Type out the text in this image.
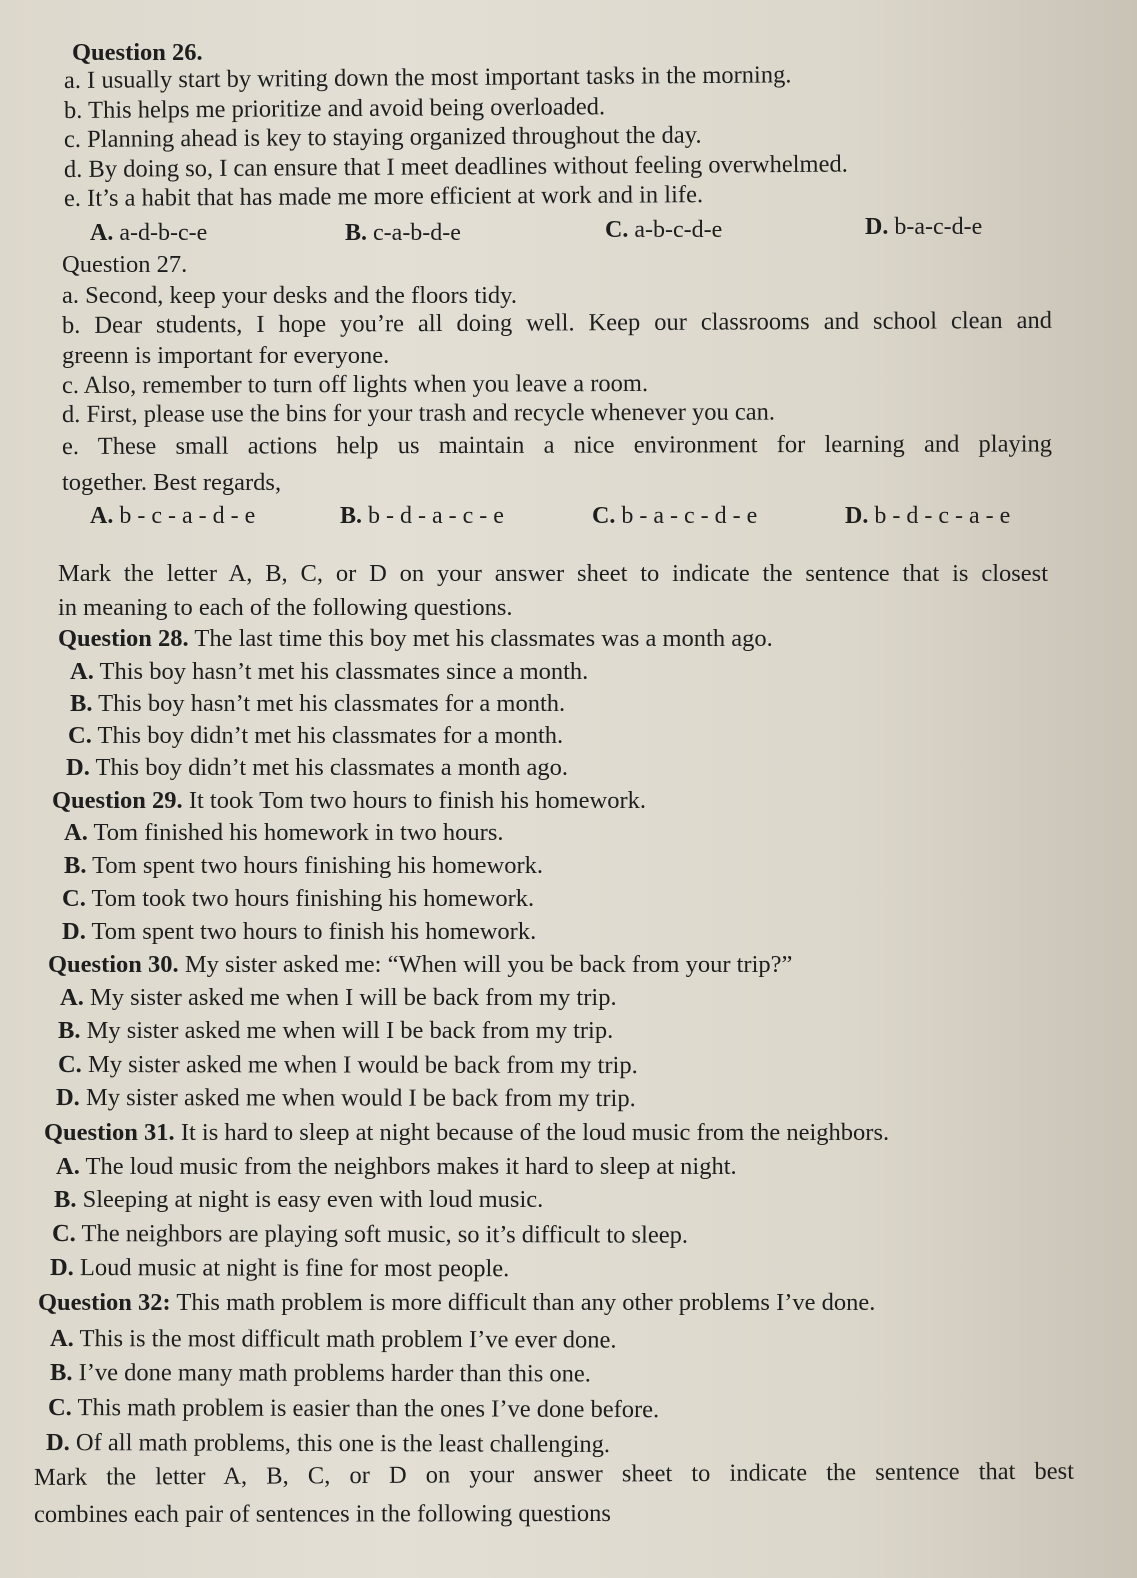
Question 26.
a. I usually start by writing down the most important tasks in the morning.
b. This helps me prioritize and avoid being overloaded.
c. Planning ahead is key to staying organized throughout the day.
d. By doing so, I can ensure that I meet deadlines without feeling overwhelmed.
e. It’s a habit that has made me more efficient at work and in life.
A. a-d-b-c-e	B. c-a-b-d-e	C. a-b-c-d-e	D. b-a-c-d-e
Question 27.
a. Second, keep your desks and the floors tidy.
b. Dear students, I hope you’re all doing well. Keep our classrooms and school clean and
greenn is important for everyone.
c. Also, remember to turn off lights when you leave a room.
d. First, please use the bins for your trash and recycle whenever you can.
e. These small actions help us maintain a nice environment for learning and playing
together. Best regards,
A. b - c - a - d - e	B. b - d - a - c - e	C. b - a - c - d - e	D. b - d - c - a - e
Mark the letter A, B, C, or D on your answer sheet to indicate the sentence that is closest
in meaning to each of the following questions.
Question 28. The last time this boy met his classmates was a month ago.
A. This boy hasn’t met his classmates since a month.
B. This boy hasn’t met his classmates for a month.
C. This boy didn’t met his classmates for a month.
D. This boy didn’t met his classmates a month ago.
Question 29. It took Tom two hours to finish his homework.
A. Tom finished his homework in two hours.
B. Tom spent two hours finishing his homework.
C. Tom took two hours finishing his homework.
D. Tom spent two hours to finish his homework.
Question 30. My sister asked me: “When will you be back from your trip?”
A. My sister asked me when I will be back from my trip.
B. My sister asked me when will I be back from my trip.
C. My sister asked me when I would be back from my trip.
D. My sister asked me when would I be back from my trip.
Question 31. It is hard to sleep at night because of the loud music from the neighbors.
A. The loud music from the neighbors makes it hard to sleep at night.
B. Sleeping at night is easy even with loud music.
C. The neighbors are playing soft music, so it’s difficult to sleep.
D. Loud music at night is fine for most people.
Question 32: This math problem is more difficult than any other problems I’ve done.
A. This is the most difficult math problem I’ve ever done.
B. I’ve done many math problems harder than this one.
C. This math problem is easier than the ones I’ve done before.
D. Of all math problems, this one is the least challenging.
Mark the letter A, B, C, or D on your answer sheet to indicate the sentence that best
combines each pair of sentences in the following questions
